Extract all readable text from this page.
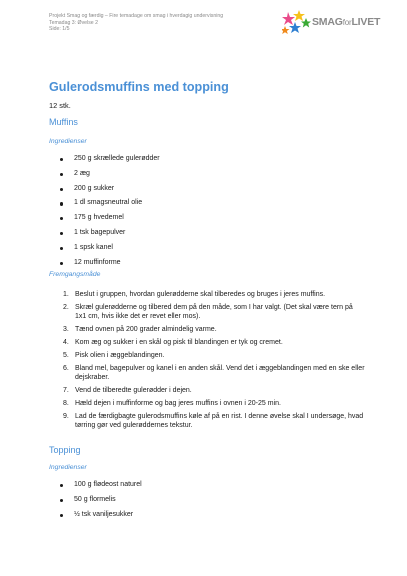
Projekt Smag og færdig – Fire temadage om smag i hverdagig undervisning
Temadag 3: Øvelse 2
Side: 1/5
SMAGforLIVET
Gulerodsmuffins med topping
12 stk.
Muffins
Ingredienser
250 g skrællede gulerødder
2 æg
200 g sukker
1 dl smagsneutral olie
175 g hvedemel
1 tsk bagepulver
1 spsk kanel
12 muffinforme
Fremgangsmåde
1. Beslut i gruppen, hvordan gulerødderne skal tilberedes og bruges i jeres muffins.
2. Skræl gulerødderne og tilbered dem på den måde, som I har valgt. (Det skal være tern på 1x1 cm, hvis ikke det er revet eller mos).
3. Tænd ovnen på 200 grader almindelig varme.
4. Kom æg og sukker i en skål og pisk til blandingen er tyk og cremet.
5. Pisk olien i æggeblandingen.
6. Bland mel, bagepulver og kanel i en anden skål. Vend det i æggeblandingen med en ske eller dejskraber.
7. Vend de tilberedte gulerødder i dejen.
8. Hæld dejen i muffinforme og bag jeres muffins i ovnen i 20-25 min.
9. Lad de færdigbagte gulerodsmuffins køle af på en rist. I denne øvelse skal I undersøge, hvad tørring gør ved gulerøddernes tekstur.
Topping
Ingredienser
100 g flødeost naturel
50 g flormelis
½ tsk vaniljesukker
